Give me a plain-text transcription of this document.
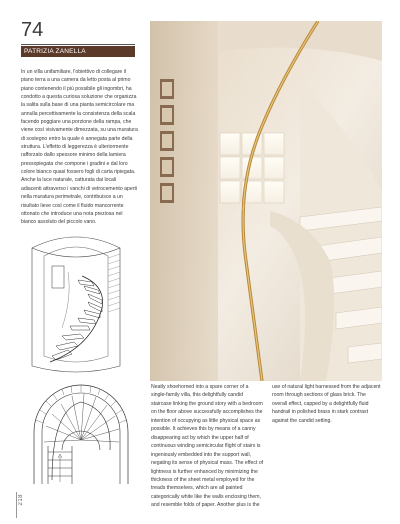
74
PATRIZIA ZANELLA
In un villa unifamiliare, l'obiettivo di collegare il piano terra a una camera da letto posta al primo piano contenendo il più possibile gli ingombri, ha condotto a questa curiosa soluzione che organizza la salita sulla base di una pianta semicircolare ma annulla percettivamente la consistenza della scala facendo poggiare una porzione della rampa, che viene così visivamente dimezzata, su una muratura di sostegno entro la quale è annegata parte della struttura. L'effetto di leggerezza è ulteriormente rafforzato dallo spessore minimo della lamiera pressopiegata che compone i gradini e dal loro colore bianco quasi fossero fogli di carta ripiegata. Anche la luce naturale, catturata dai locali adiacenti attraverso i vanchi di vetrocemento aperti nella muratura perimetrale, contribuisce a un risultato lieve così come il fluido mancorrente ottonato che introduce una nota preziosa nel bianco assoluto del piccolo vano.
Neatly shoehorned into a spare corner of a single-family villa, this delightfully candid staircase linking the ground story with a bedroom on the floor above successfully accomplishes the intention of occupying as little physical space as possible. It achieves this by means of a canny disappearing act by which the upper half of continuous winding semicircular flight of stairs is ingeniously embedded into the support wall, negating its sense of physical mass. The effect of lightness is further enhanced by minimizing the thickness of the sheet metal employed for the treads themselves, which are all painted categorically white like the walls enclosing them, and resemble folds of paper. Another plus is the
use of natural light harnessed from the adjacent room through sections of glass brick. The overall effect, capped by a delightfully fluid handrail in polished brass in stark contrast against the candid setting.
218
